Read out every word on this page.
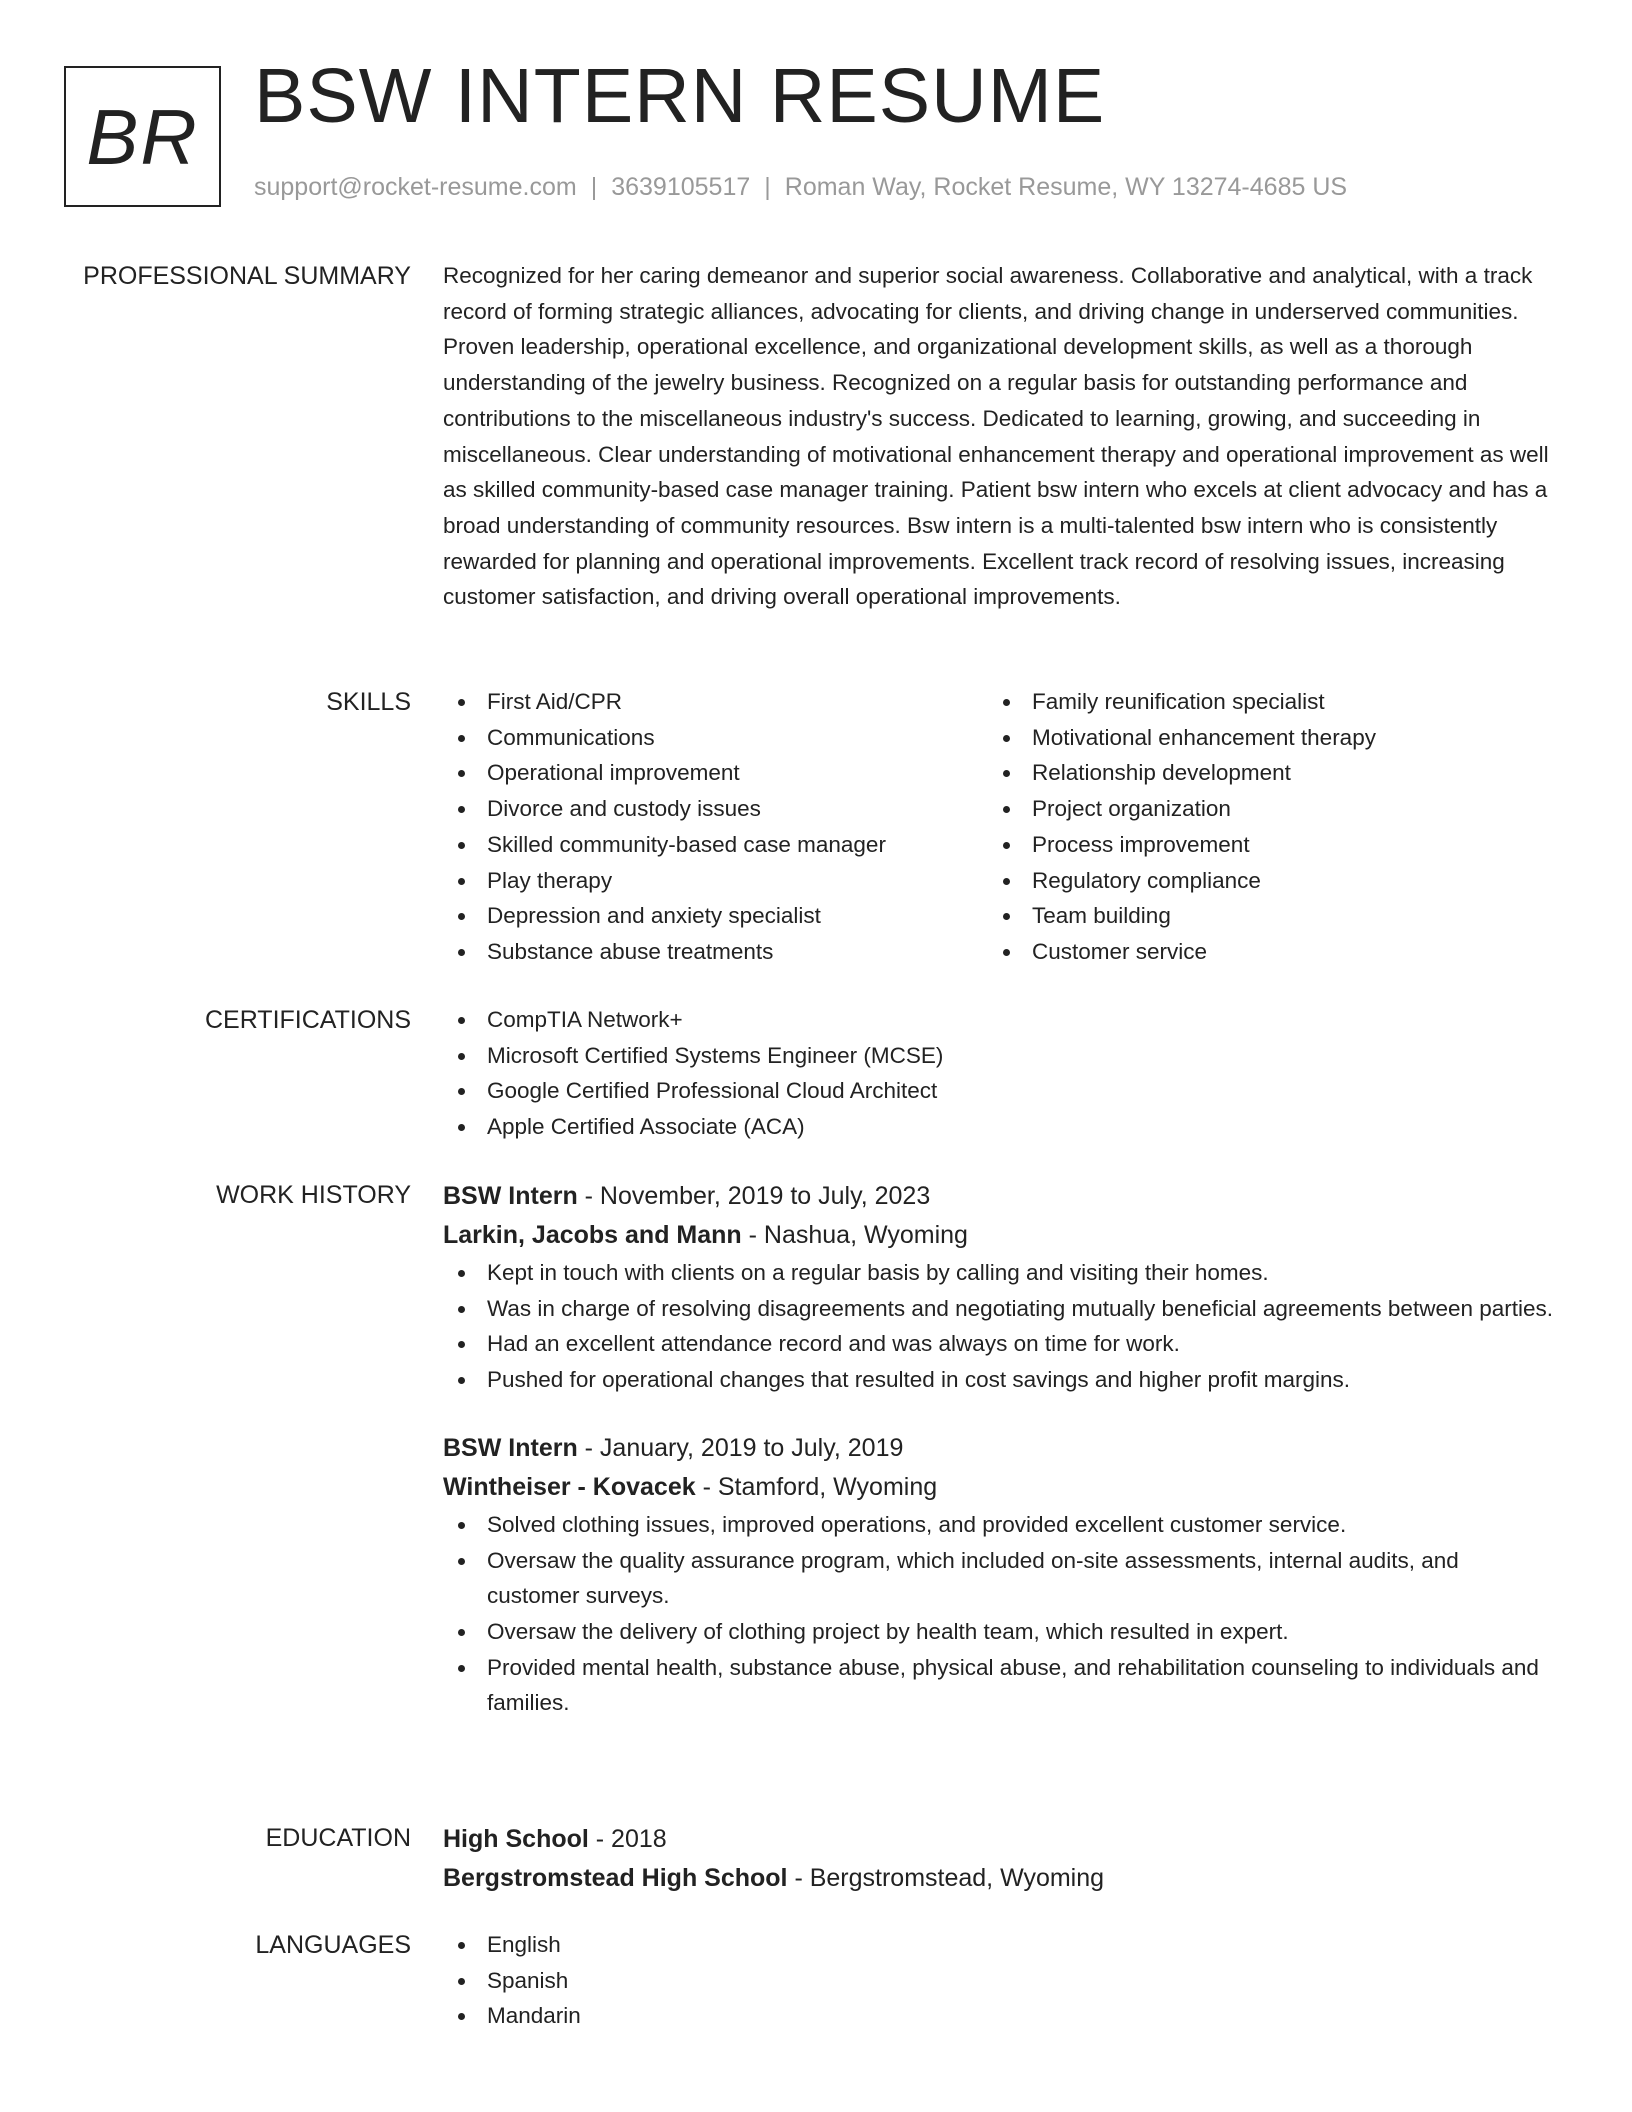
BR BSW INTERN RESUME
support@rocket-resume.com | 3639105517 | Roman Way, Rocket Resume, WY 13274-4685 US
PROFESSIONAL SUMMARY Recognized for her caring demeanor and superior social awareness. Collaborative and analytical, with a track record of forming strategic alliances, advocating for clients, and driving change in underserved communities. Proven leadership, operational excellence, and organizational development skills, as well as a thorough understanding of the jewelry business. Recognized on a regular basis for outstanding performance and contributions to the miscellaneous industry's success. Dedicated to learning, growing, and succeeding in miscellaneous. Clear understanding of motivational enhancement therapy and operational improvement as well as skilled community-based case manager training. Patient bsw intern who excels at client advocacy and has a broad understanding of community resources. Bsw intern is a multi-talented bsw intern who is consistently rewarded for planning and operational improvements. Excellent track record of resolving issues, increasing customer satisfaction, and driving overall operational improvements.

SKILLS	First Aid/CPR
Communications
Operational improvement
Divorce and custody issues
Skilled community-based case manager
Play therapy
Depression and anxiety specialist
Substance abuse treatments
Family reunification specialist
Motivational enhancement therapy
Relationship development
Project organization
Process improvement
Regulatory compliance
Team building
Customer service
CERTIFICATIONS	CompTIA Network+
Microsoft Certified Systems Engineer (MCSE)
Google Certified Professional Cloud Architect
Apple Certified Associate (ACA)
WORK HISTORY BSW Intern - November, 2019 to July, 2023
Larkin, Jacobs and Mann - Nashua, Wyoming
Kept in touch with clients on a regular basis by calling and visiting their homes.
Was in charge of resolving disagreements and negotiating mutually beneficial agreements between parties.
Had an excellent attendance record and was always on time for work.
Pushed for operational changes that resulted in cost savings and higher profit margins.
BSW Intern - January, 2019 to July, 2019
Wintheiser - Kovacek - Stamford, Wyoming
Solved clothing issues, improved operations, and provided excellent customer service.
Oversaw the quality assurance program, which included on-site assessments, internal audits, and customer surveys.
Oversaw the delivery of clothing project by health team, which resulted in expert.
Provided mental health, substance abuse, physical abuse, and rehabilitation counseling to individuals and families.
EDUCATION High School - 2018
Bergstromstead High School - Bergstromstead, Wyoming
LANGUAGES	English
Spanish
Mandarin
